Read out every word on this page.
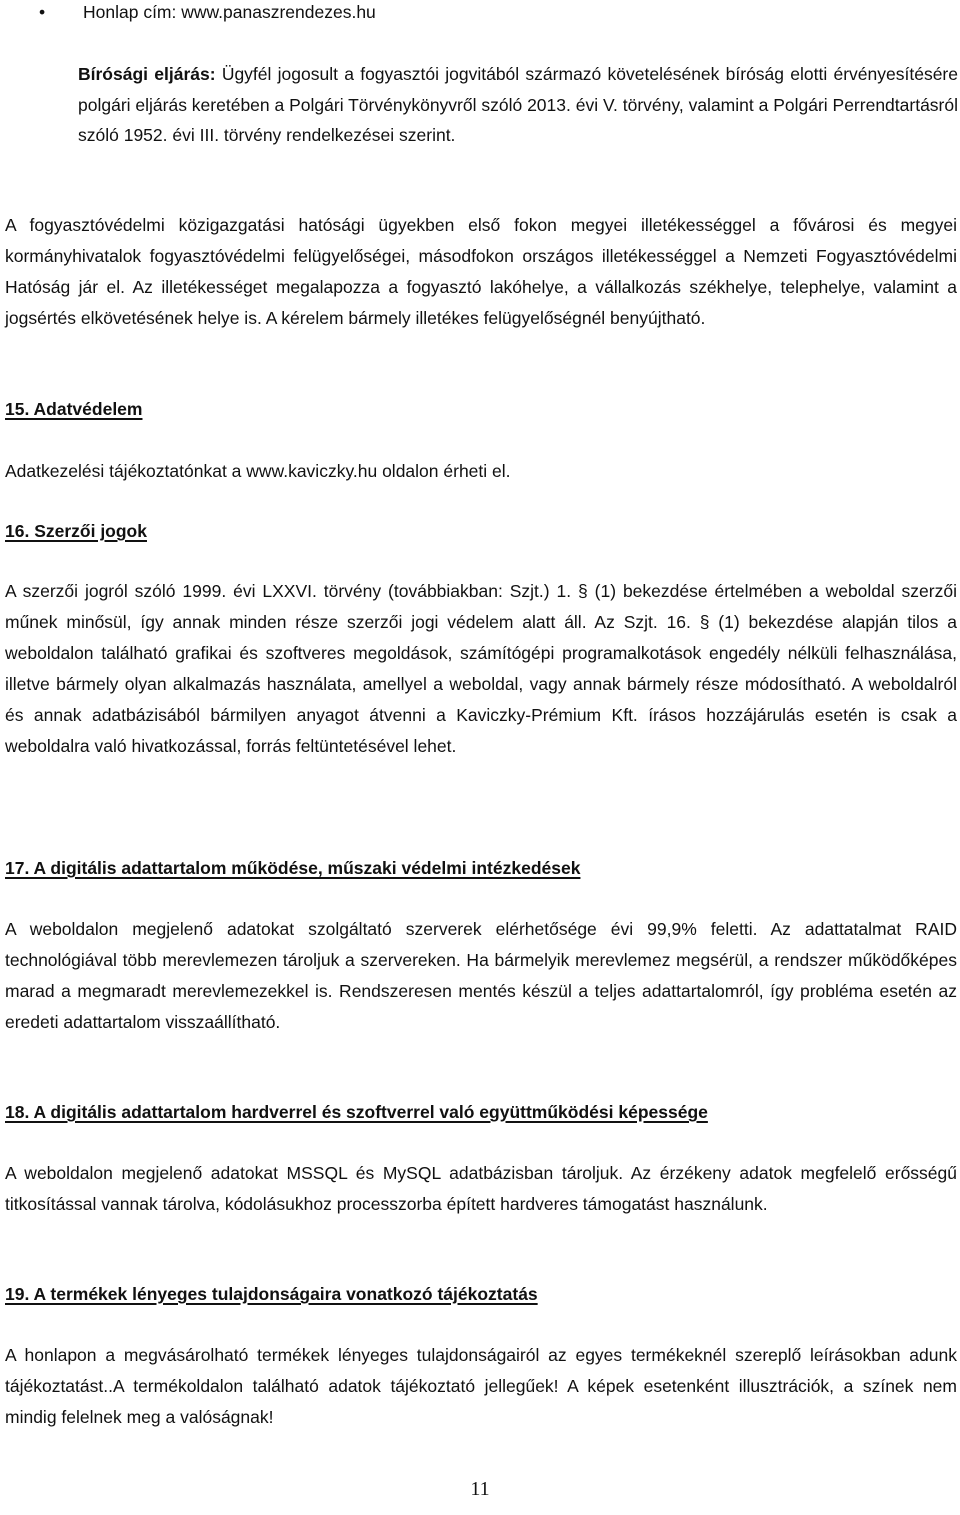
• Honlap cím: www.panaszrendezes.hu

Bírósági eljárás: Ügyfél jogosult a fogyasztói jogvitából származó követelésének bíróság elotti érvényesítésére polgári eljárás keretében a Polgári Törvénykönyvről szóló 2013. évi V. törvény, valamint a Polgári Perrendtartásról szóló 1952. évi III. törvény rendelkezései szerint.

A fogyasztóvédelmi közigazgatási hatósági ügyekben első fokon megyei illetékességgel a fővárosi és megyei kormányhivatalok fogyasztóvédelmi felügyelőségei, másodfokon országos illetékességgel a Nemzeti Fogyasztóvédelmi Hatóság jár el. Az illetékességet megalapozza a fogyasztó lakóhelye, a vállalkozás székhelye, telephelye, valamint a jogsértés elkövetésének helye is. A kérelem bármely illetékes felügyelőségnél benyújtható.

15. Adatvédelem

Adatkezelési tájékoztatónkat a www.kaviczky.hu oldalon érheti el.

16. Szerzői jogok

A szerzői jogról szóló 1999. évi LXXVI. törvény (továbbiakban: Szjt.) 1. § (1) bekezdése értelmében a weboldal szerzői műnek minősül, így annak minden része szerzői jogi védelem alatt áll. Az Szjt. 16. § (1) bekezdése alapján tilos a weboldalon található grafikai és szoftveres megoldások, számítógépi programalkotások engedély nélküli felhasználása, illetve bármely olyan alkalmazás használata, amellyel a weboldal, vagy annak bármely része módosítható. A weboldalról és annak adatbázisából bármilyen anyagot átvenni a Kaviczky-Prémium Kft. írásos hozzájárulás esetén is csak a weboldalra való hivatkozással, forrás feltüntetésével lehet.

17. A digitális adattartalom működése, műszaki védelmi intézkedések

A weboldalon megjelenő adatokat szolgáltató szerverek elérhetősége évi 99,9% feletti. Az adattatalmat RAID technológiával több merevlemezen tároljuk a szervereken. Ha bármelyik merevlemez megsérül, a rendszer működőképes marad a megmaradt merevlemezekkel is. Rendszeresen mentés készül a teljes adattartalomról, így probléma esetén az eredeti adattartalom visszaállítható.

18. A digitális adattartalom hardverrel és szoftverrel való együttműködési képessége

A weboldalon megjelenő adatokat MSSQL és MySQL adatbázisban tároljuk. Az érzékeny adatok megfelelő erősségű titkosítással vannak tárolva, kódolásukhoz processzorba épített hardveres támogatást használunk.

19. A termékek lényeges tulajdonságaira vonatkozó tájékoztatás

A honlapon a megvásárolható termékek lényeges tulajdonságairól az egyes termékeknél szereplő leírásokban adunk tájékoztatást..A termékoldalon található adatok tájékoztató jellegűek! A képek esetenként illusztrációk, a színek nem mindig felelnek meg a valóságnak!

11
